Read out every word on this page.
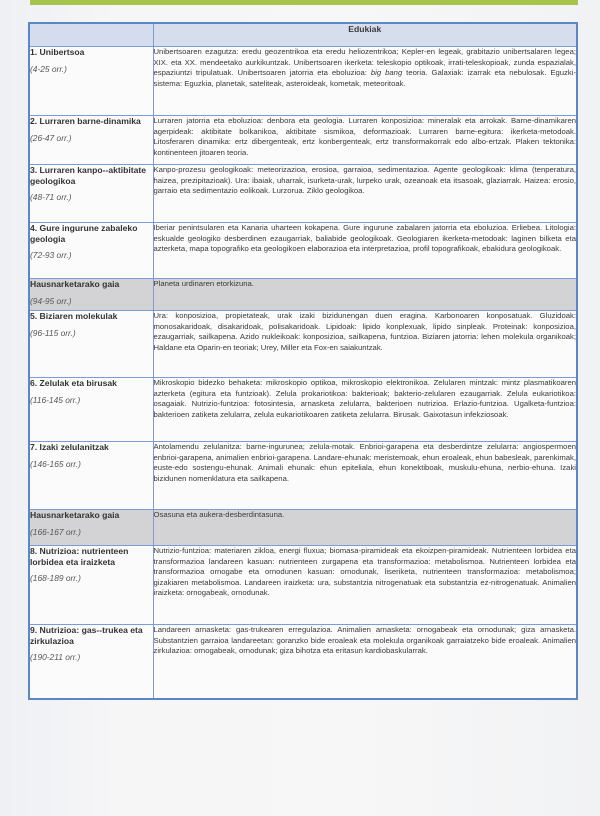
	Edukiak

1. Unibertsoa
(4-25 orr.)	Unibertsoaren ezagutza: eredu geozentrikoa eta eredu heliozentrikoa; Kepler-en legeak, grabitazio unibertsalaren legea; XIX. eta XX. mendeetako aurkikuntzak. Unibertsoaren ikerketa: teleskopio optikoak, irrati-teleskopioak, zunda espazialak, espaziuntzi tripulatuak. Unibertsoaren jatorria eta eboluzioa: big bang teoria. Galaxiak: izarrak eta nebulosak. Eguzki-sistema: Eguzkia, planetak, sateliteak, asteroideak, kometak, meteoritoak.

2. Lurraren barne-dinamika
(26-47 orr.)	Lurraren jatorria eta eboluzioa: denbora eta geologia. Lurraren konposizioa: mineralak eta arrokak. Barne-dinamikaren agerpideak: aktibitate bolkanikoa, aktibitate sismikoa, deformazioak. Lurraren barne-egitura: ikerketa-metodoak. Litosferaren dinamika: ertz dibergenteak, ertz konbergenteak, ertz transformakorrak edo albo-ertzak. Plaken tektonika: kontinenteen jitoaren teoria.

3. Lurraren kanpo--aktibitate geologikoa
(48-71 orr.)	Kanpo-prozesu geologikoak: meteorizazioa, erosioa, garraioa, sedimentazioa. Agente geologikoak: klima (tenperatura, haizea, prezipitazioak). Ura: ibaiak, uharrak, isurketa-urak, lurpeko urak, ozeanoak eta itsasoak, glaziarrak. Haizea: erosio, garraio eta sedimentazio eolikoak. Lurzorua. Ziklo geologikoa.

4. Gure ingurune zabaleko geologia
(72-93 orr.)	Iberiar penintsularen eta Kanaria uharteen kokapena. Gure ingurune zabalaren jatorria eta eboluzioa. Erliebea. Litologia: eskualde geologiko desberdinen ezaugarriak, baliabide geologikoak. Geologiaren ikerketa-metodoak: laginen bilketa eta azterketa, mapa topografiko eta geologikoen elaborazioa eta interpretazioa, profil topografikoak, ebakidura geologikoak.

Hausnarketarako gaia
(94-95 orr.)	Planeta urdinaren etorkizuna.

5. Biziaren molekulak
(96-115 orr.)	Ura: konposizioa, propietateak, urak izaki bizidunengan duen eragina. Karbonoaren konposatuak. Gluzidoak: monosakaridoak, disakaridoak, polisakaridoak. Lipidoak: lipido konplexuak, lipido sinpleak. Proteinak: konposizioa, ezaugarriak, sailkapena. Azido nukleikoak: konposizioa, sailkapena, funtzioa. Biziaren jatorria: lehen molekula organikoak; Haldane eta Oparin-en teoriak; Urey, Miller eta Fox-en saiakuntzak.

6. Zelulak eta birusak
(116-145 orr.)	Mikroskopio bidezko behaketa: mikroskopio optikoa, mikroskopio elektronikoa. Zelularen mintzak: mintz plasmatikoaren azterketa (egitura eta funtzioak). Zelula prokariotikoa: bakterioak; bakterio-zelularen ezaugarriak. Zelula eukariotikoa: osagaiak. Nutrizio-funtzioa: fotosintesia, arnasketa zelularra, bakterioen nutrizioa. Erlazio-funtzioa. Ugalketa-funtzioa: bakterioen zatiketa zelularra, zelula eukariotikoaren zatiketa zelularra. Birusak. Gaixotasun infekziosoak.

7. Izaki zelulanitzak
(146-165 orr.)	Antolamendu zelulanitza: barne-ingurunea; zelula-motak. Enbrioi-garapena eta desberdintze zelularra: angiospermoen enbrioi-garapena, animalien enbrioi-garapena. Landare-ehunak: meristemoak, ehun eroaleak, ehun babesleak, parenkimak, euste-edo sostengu-ehunak. Animali ehunak: ehun epiteliala, ehun konektiboak, muskulu-ehuna, nerbio-ehuna. Izaki bizidunen nomenklatura eta sailkapena.

Hausnarketarako gaia
(166-167 orr.)	Osasuna eta aukera-desberdintasuna.

8. Nutrizioa: nutrienteen lorbidea eta iraizketa
(168-189 orr.)	Nutrizio-funtzioa: materiaren zikloa, energi fluxua; biomasa-piramideak eta ekoizpen-piramideak. Nutrienteen lorbidea eta transformazioa landareen kasuan: nutrienteen zurgapena eta transformazioa: metabolismoa. Nutrienteen lorbidea eta transformazioa ornogabe eta ornodunen kasuan: ornodunak, liseriketa, nutrienteen transformazioa: metabolismoa; gizakiaren metabolismoa. Landareen iraizketa: ura, substantzia nitrogenatuak eta substantzia ez-nitrogenatuak. Animalien iraizketa: ornogabeak, ornodunak.

9. Nutrizioa: gas--trukea eta zirkulazioa
(190-211 orr.)	Landareen arnasketa: gas-trukearen erregulazioa. Animalien arnasketa: ornogabeak eta ornodunak; giza arnasketa. Substantzien garraioa landareetan: goranzko bide eroaleak eta molekula organikoak garraiatzeko bide eroaleak. Animalien zirkulazioa: ornogabeak, ornodunak; giza bihotza eta eritasun kardiobaskularrak.
